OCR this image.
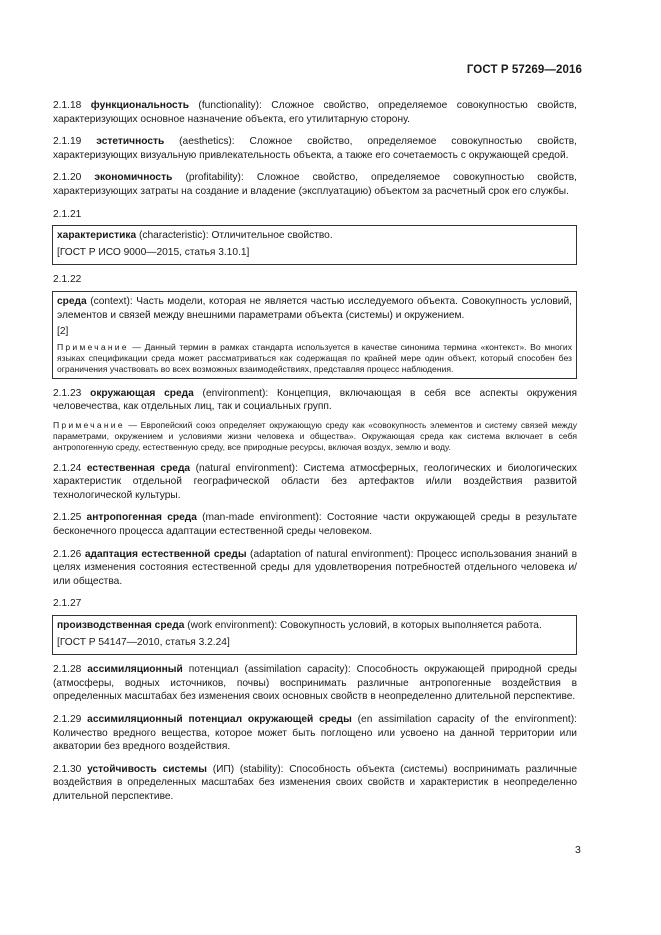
ГОСТ Р 57269—2016

2.1.18 функциональность (functionality): Сложное свойство, определяемое совокупностью свойств, характеризующих основное назначение объекта, его утилитарную сторону.

2.1.19 эстетичность (aesthetics): Сложное свойство, определяемое совокупностью свойств, характеризующих визуальную привлекательность объекта, а также его сочетаемость с окружающей средой.

2.1.20 экономичность (profitability): Сложное свойство, определяемое совокупностью свойств, характеризующих затраты на создание и владение (эксплуатацию) объектом за расчетный срок его службы.

2.1.21
характеристика (characteristic): Отличительное свойство.
[ГОСТ Р ИСО 9000—2015, статья 3.10.1]
2.1.22
среда (context): Часть модели, которая не является частью исследуемого объекта. Совокупность условий, элементов и связей между внешними параметрами объекта (системы) и окружением.
[2]
Примечание — Данный термин в рамках стандарта используется в качестве синонима термина «контекст». Во многих языках спецификации среда может рассматриваться как содержащая по крайней мере один объект, который способен без ограничения участвовать во всех возможных взаимодействиях, представляя процесс наблюдения.

2.1.23 окружающая среда (environment): Концепция, включающая в себя все аспекты окружения человечества, как отдельных лиц, так и социальных групп.

Примечание — Европейский союз определяет окружающую среду как «совокупность элементов и систему связей между параметрами, окружением и условиями жизни человека и общества». Окружающая среда как система включает в себя антропогенную среду, естественную среду, все природные ресурсы, включая воздух, землю и воду.

2.1.24 естественная среда (natural environment): Система атмосферных, геологических и биологических характеристик отдельной географической области без артефактов и/или воздействия развитой технологической культуры.

2.1.25 антропогенная среда (man-made environment): Состояние части окружающей среды в результате бесконечного процесса адаптации естественной среды человеком.

2.1.26 адаптация естественной среды (adaptation of natural environment): Процесс использования знаний в целях изменения состояния естественной среды для удовлетворения потребностей отдельного человека и/или общества.

2.1.27
производственная среда (work environment): Совокупность условий, в которых выполняется работа.
[ГОСТ Р 54147—2010, статья 3.2.24]

2.1.28 ассимиляционный потенциал (assimilation capacity): Способность окружающей природной среды (атмосферы, водных источников, почвы) воспринимать различные антропогенные воздействия в определенных масштабах без изменения своих основных свойств в неопределенно длительной перспективе.

2.1.29 ассимиляционный потенциал окружающей среды (en assimilation capacity of the environment): Количество вредного вещества, которое может быть поглощено или усвоено на данной территории или акватории без вредного воздействия.

2.1.30 устойчивость системы (ИП) (stability): Способность объекта (системы) воспринимать различные воздействия в определенных масштабах без изменения своих свойств и характеристик в неопределенно длительной перспективе.

3
